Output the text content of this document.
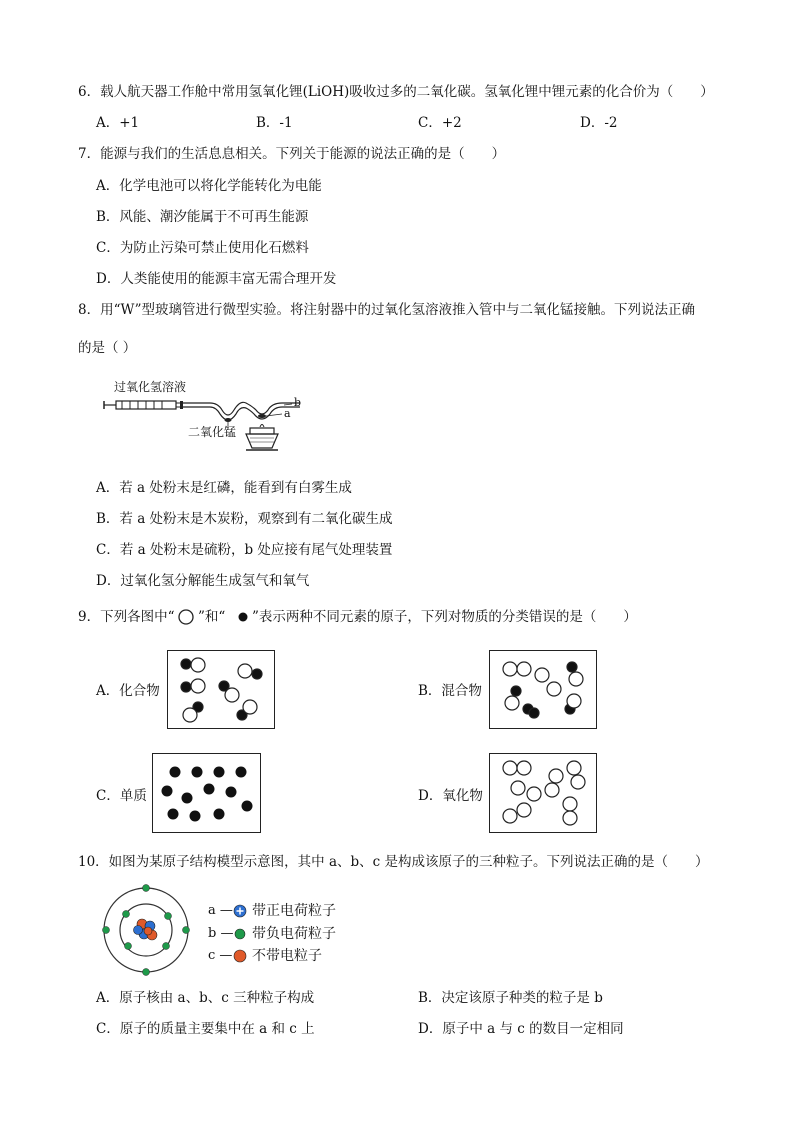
6．载人航天器工作舱中常用氢氧化锂(LiOH)吸收过多的二氧化碳。氢氧化锂中锂元素的化合价为（　　）
A．+1	B．-1	C．+2	D．-2
7．能源与我们的生活息息相关。下列关于能源的说法正确的是（　　）
A．化学电池可以将化学能转化为电能
B．风能、潮汐能属于不可再生能源
C．为防止污染可禁止使用化石燃料
D．人类能使用的能源丰富无需合理开发
8．用“W”型玻璃管进行微型实验。将注射器中的过氧化氢溶液推入管中与二氧化锰接触。下列说法正确
的是（ ）
过氧化氢溶液
二氧化锰
a
b
A．若 a 处粉末是红磷，能看到有白雾生成
B．若 a 处粉末是木炭粉，观察到有二氧化碳生成
C．若 a 处粉末是硫粉，b 处应接有尾气处理装置
D．过氧化氢分解能生成氢气和氧气
9．下列各图中“ ”和“ ”表示两种不同元素的原子，下列对物质的分类错误的是（　　）
A．化合物	B．混合物
C．单质	D．氧化物
10．如图为某原子结构模型示意图，其中 a、b、c 是构成该原子的三种粒子。下列说法正确的是（　　）
a — 带正电荷粒子
b — 带负电荷粒子
c — 不带电粒子
A．原子核由 a、b、c 三种粒子构成	B．决定该原子种类的粒子是 b
C．原子的质量主要集中在 a 和 c 上	D．原子中 a 与 c 的数目一定相同
